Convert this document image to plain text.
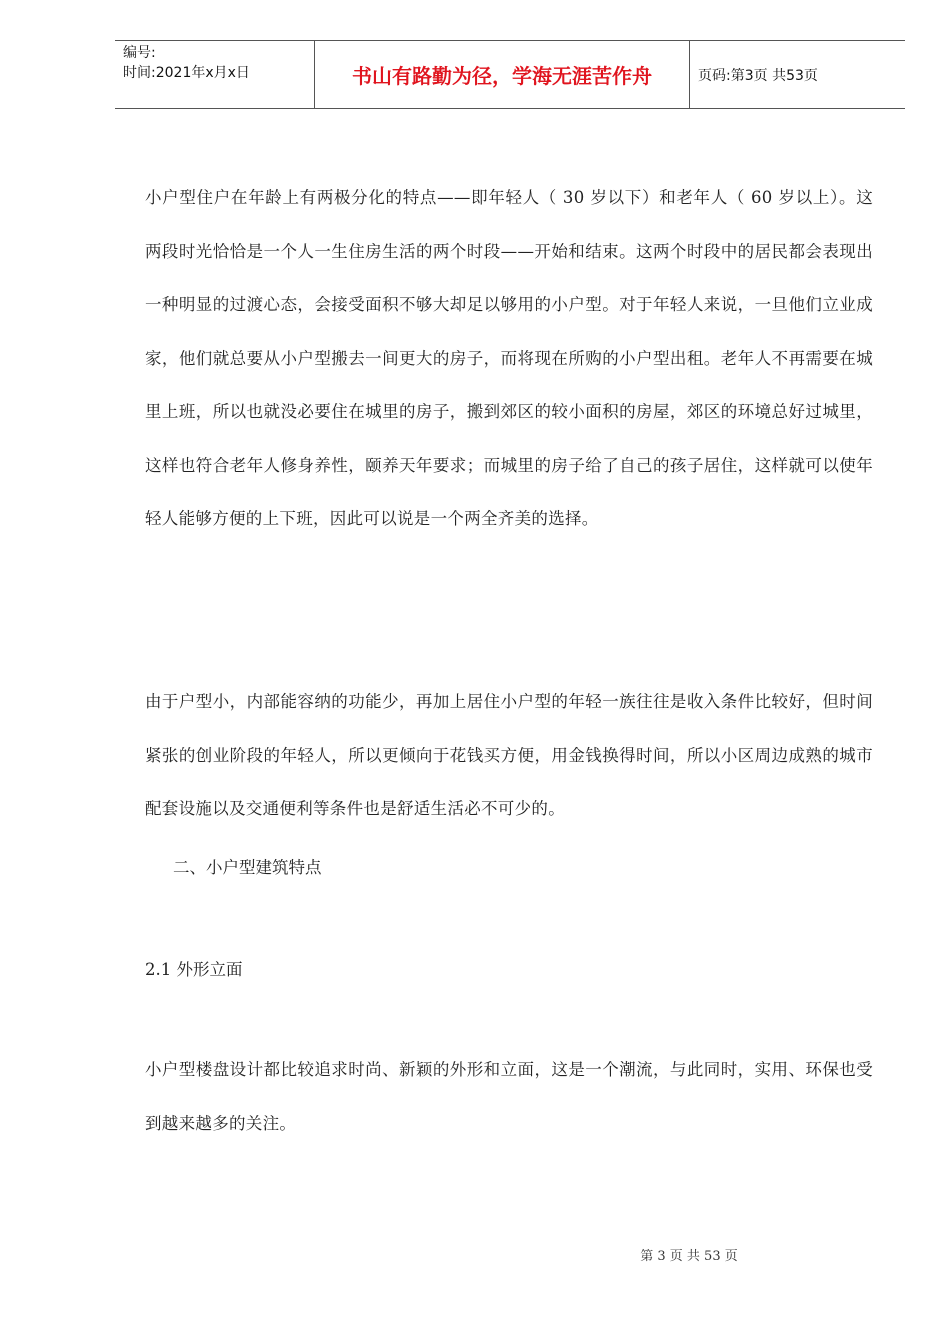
编号:
时间:2021年x月x日	书山有路勤为径，学海无涯苦作舟	页码:第3页 共53页

小户型住户在年龄上有两极分化的特点——即年轻人（ 30 岁以下）和老年人（ 60 岁以上）。这两段时光恰恰是一个人一生住房生活的两个时段——开始和结束。这两个时段中的居民都会表现出一种明显的过渡心态，会接受面积不够大却足以够用的小户型。对于年轻人来说，一旦他们立业成家，他们就总要从小户型搬去一间更大的房子，而将现在所购的小户型出租。老年人不再需要在城里上班，所以也就没必要住在城里的房子，搬到郊区的较小面积的房屋，郊区的环境总好过城里，这样也符合老年人修身养性，颐养天年要求；而城里的房子给了自己的孩子居住，这样就可以使年轻人能够方便的上下班，因此可以说是一个两全齐美的选择。

由于户型小，内部能容纳的功能少，再加上居住小户型的年轻一族往往是收入条件比较好，但时间紧张的创业阶段的年轻人，所以更倾向于花钱买方便，用金钱换得时间，所以小区周边成熟的城市配套设施以及交通便利等条件也是舒适生活必不可少的。

二、小户型建筑特点
2.1 外形立面

小户型楼盘设计都比较追求时尚、新颖的外形和立面，这是一个潮流，与此同时，实用、环保也受到越来越多的关注。

第 3 页 共 53 页
